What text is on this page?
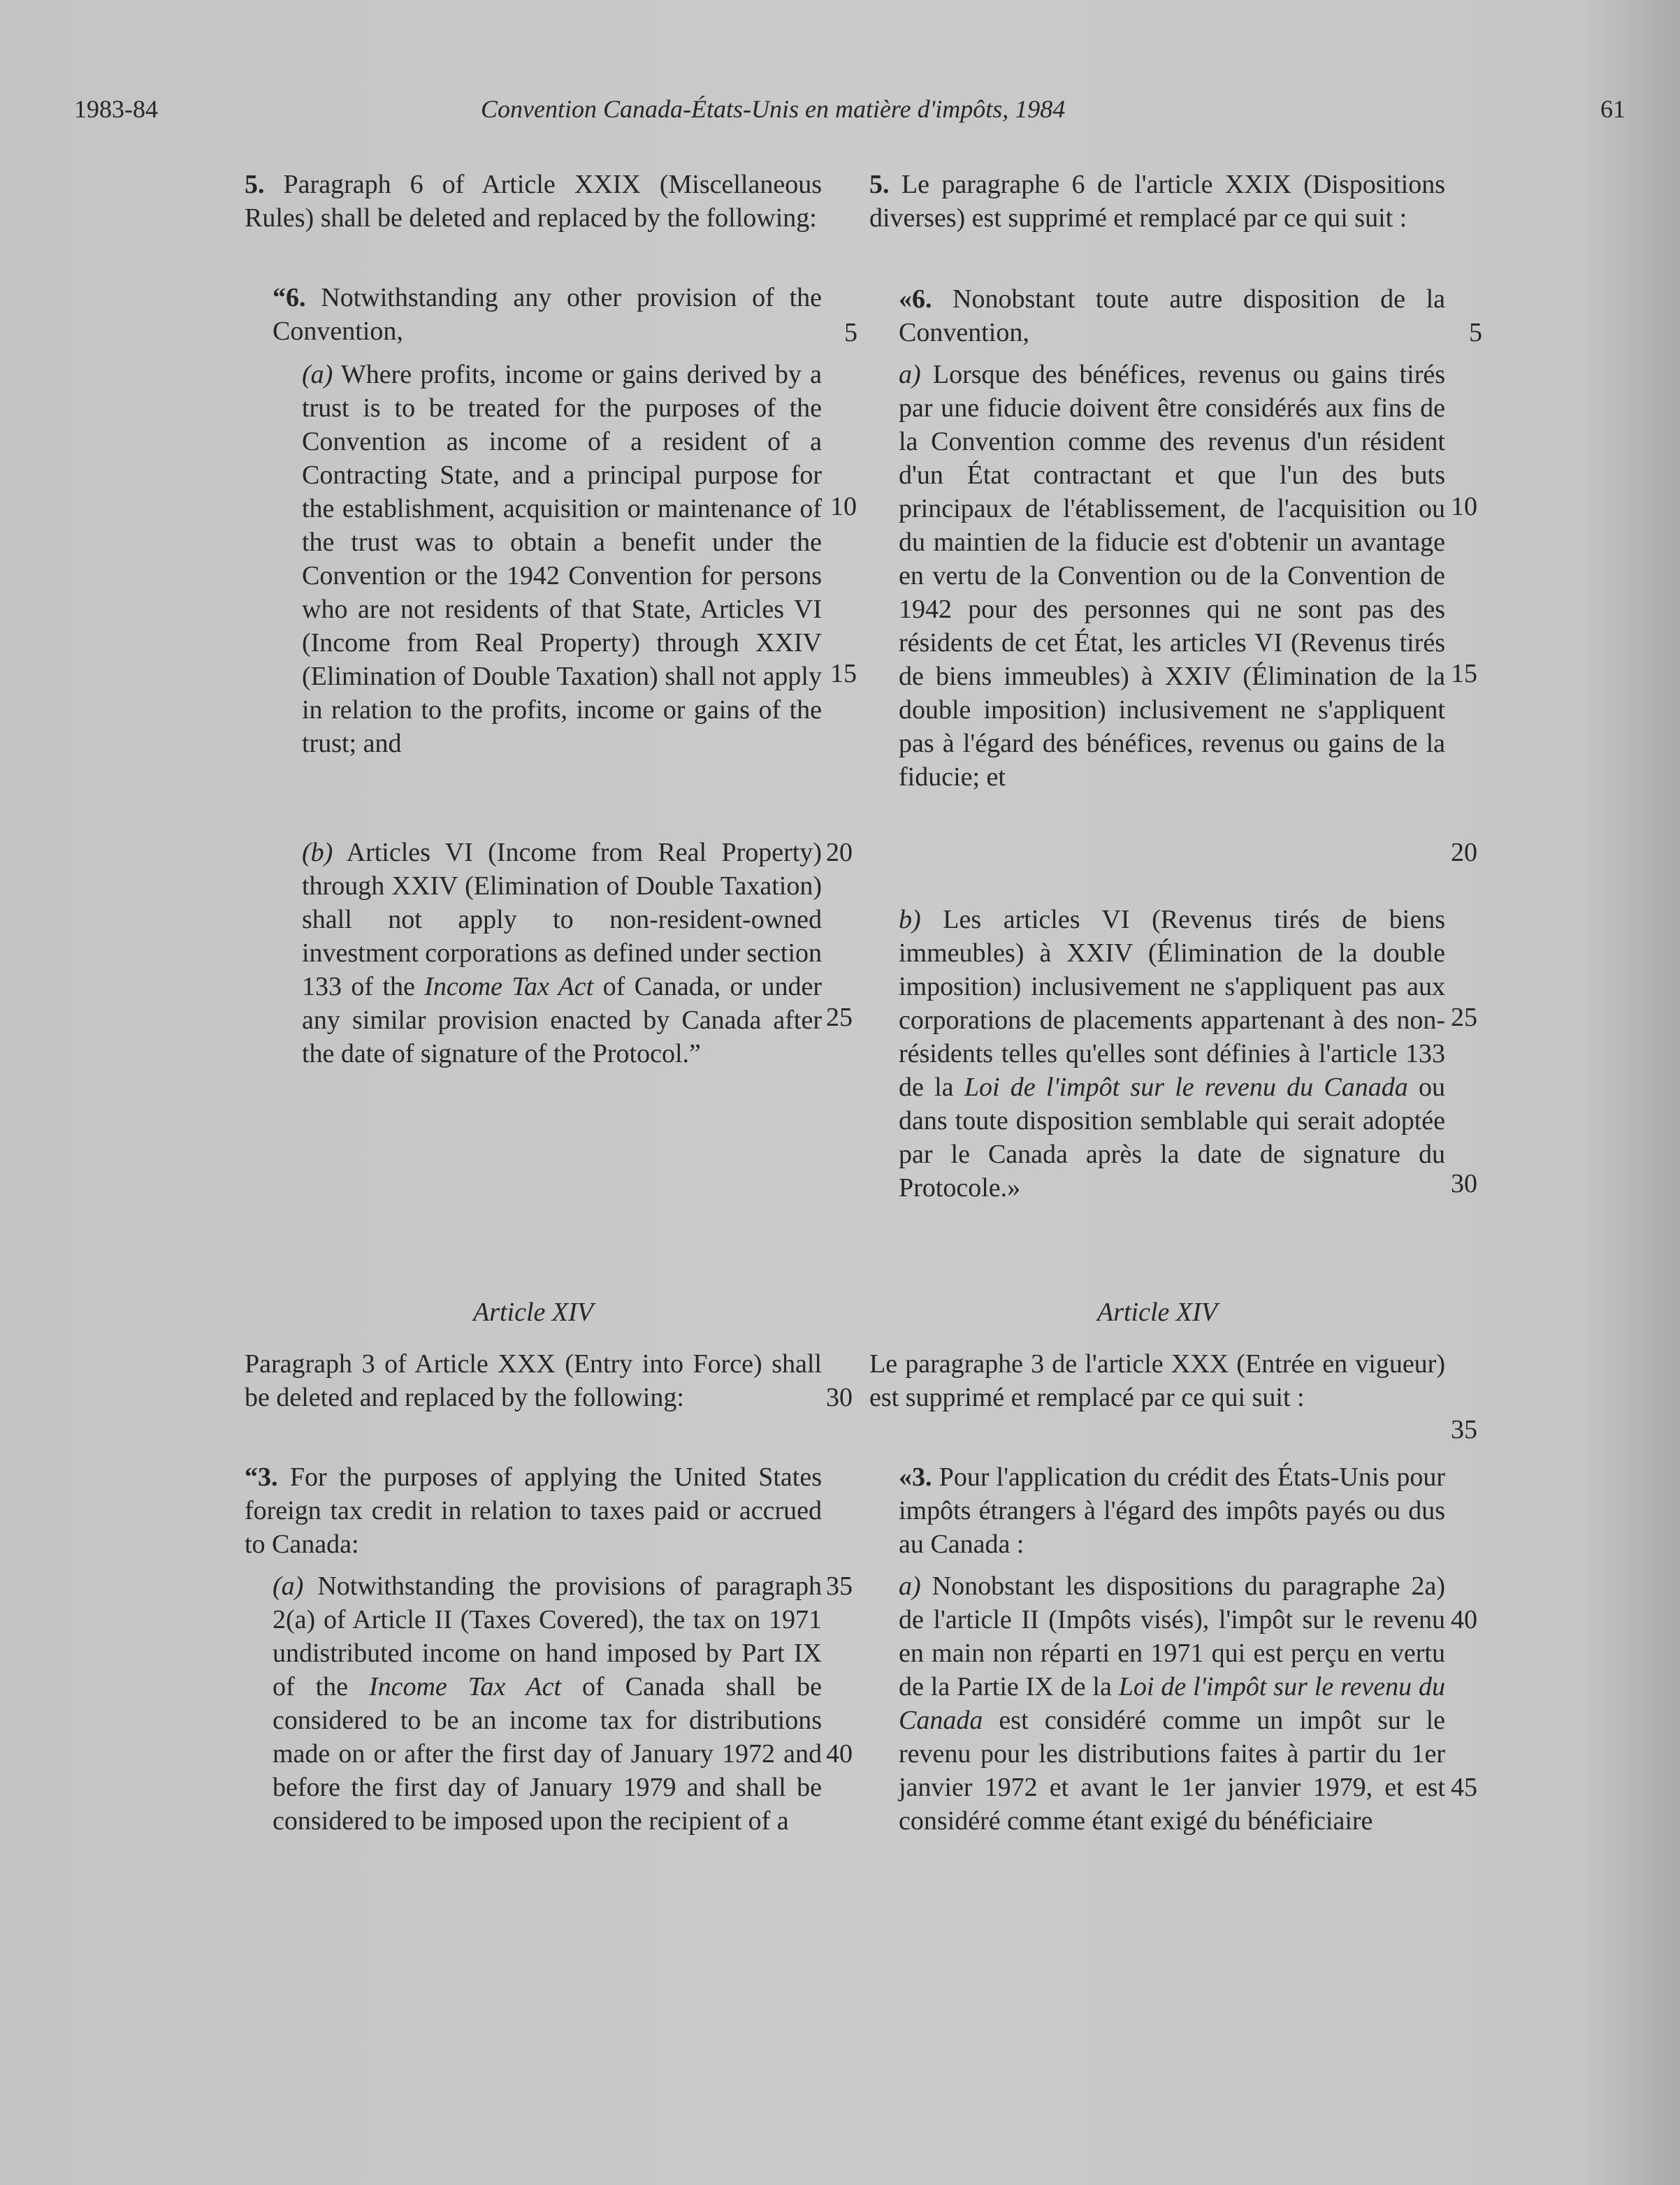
1983-84	Convention Canada-États-Unis en matière d'impôts, 1984	61

5. Paragraph 6 of Article XXIX (Miscellaneous Rules) shall be deleted and replaced by the following:

“6. Notwithstanding any other provision of the Convention,

(a) Where profits, income or gains derived by a trust is to be treated for the purposes of the Convention as income of a resident of a Contracting State, and a principal purpose for the establishment, acquisition or maintenance of the trust was to obtain a benefit under the Convention or the 1942 Convention for persons who are not residents of that State, Articles VI (Income from Real Property) through XXIV (Elimination of Double Taxation) shall not apply in relation to the profits, income or gains of the trust; and

(b) Articles VI (Income from Real Property) through XXIV (Elimination of Double Taxation) shall not apply to non-resident-owned investment corporations as defined under section 133 of the Income Tax Act of Canada, or under any similar provision enacted by Canada after the date of signature of the Protocol.”

Article XIV

Paragraph 3 of Article XXX (Entry into Force) shall be deleted and replaced by the following:

“3. For the purposes of applying the United States foreign tax credit in relation to taxes paid or accrued to Canada:

(a) Notwithstanding the provisions of paragraph 2(a) of Article II (Taxes Covered), the tax on 1971 undistributed income on hand imposed by Part IX of the Income Tax Act of Canada shall be considered to be an income tax for distributions made on or after the first day of January 1972 and before the first day of January 1979 and shall be considered to be imposed upon the recipient of a

5
10
15
20
25
30
35
40

5. Le paragraphe 6 de l'article XXIX (Dispositions diverses) est supprimé et remplacé par ce qui suit :

«6. Nonobstant toute autre disposition de la Convention,

a) Lorsque des bénéfices, revenus ou gains tirés par une fiducie doivent être considérés aux fins de la Convention comme des revenus d'un résident d'un État contractant et que l'un des buts principaux de l'établissement, de l'acquisition ou du maintien de la fiducie est d'obtenir un avantage en vertu de la Convention ou de la Convention de 1942 pour des personnes qui ne sont pas des résidents de cet État, les articles VI (Revenus tirés de biens immeubles) à XXIV (Élimination de la double imposition) inclusivement ne s'appliquent pas à l'égard des bénéfices, revenus ou gains de la fiducie; et

b) Les articles VI (Revenus tirés de biens immeubles) à XXIV (Élimination de la double imposition) inclusivement ne s'appliquent pas aux corporations de placements appartenant à des non-résidents telles qu'elles sont définies à l'article 133 de la Loi de l'impôt sur le revenu du Canada ou dans toute disposition semblable qui serait adoptée par le Canada après la date de signature du Protocole.»

Article XIV

Le paragraphe 3 de l'article XXX (Entrée en vigueur) est supprimé et remplacé par ce qui suit :

«3. Pour l'application du crédit des États-Unis pour impôts étrangers à l'égard des impôts payés ou dus au Canada :

a) Nonobstant les dispositions du paragraphe 2a) de l'article II (Impôts visés), l'impôt sur le revenu en main non réparti en 1971 qui est perçu en vertu de la Partie IX de la Loi de l'impôt sur le revenu du Canada est considéré comme un impôt sur le revenu pour les distributions faites à partir du 1er janvier 1972 et avant le 1er janvier 1979, et est considéré comme étant exigé du bénéficiaire

5
10
15
20
25
30
35
40
45
